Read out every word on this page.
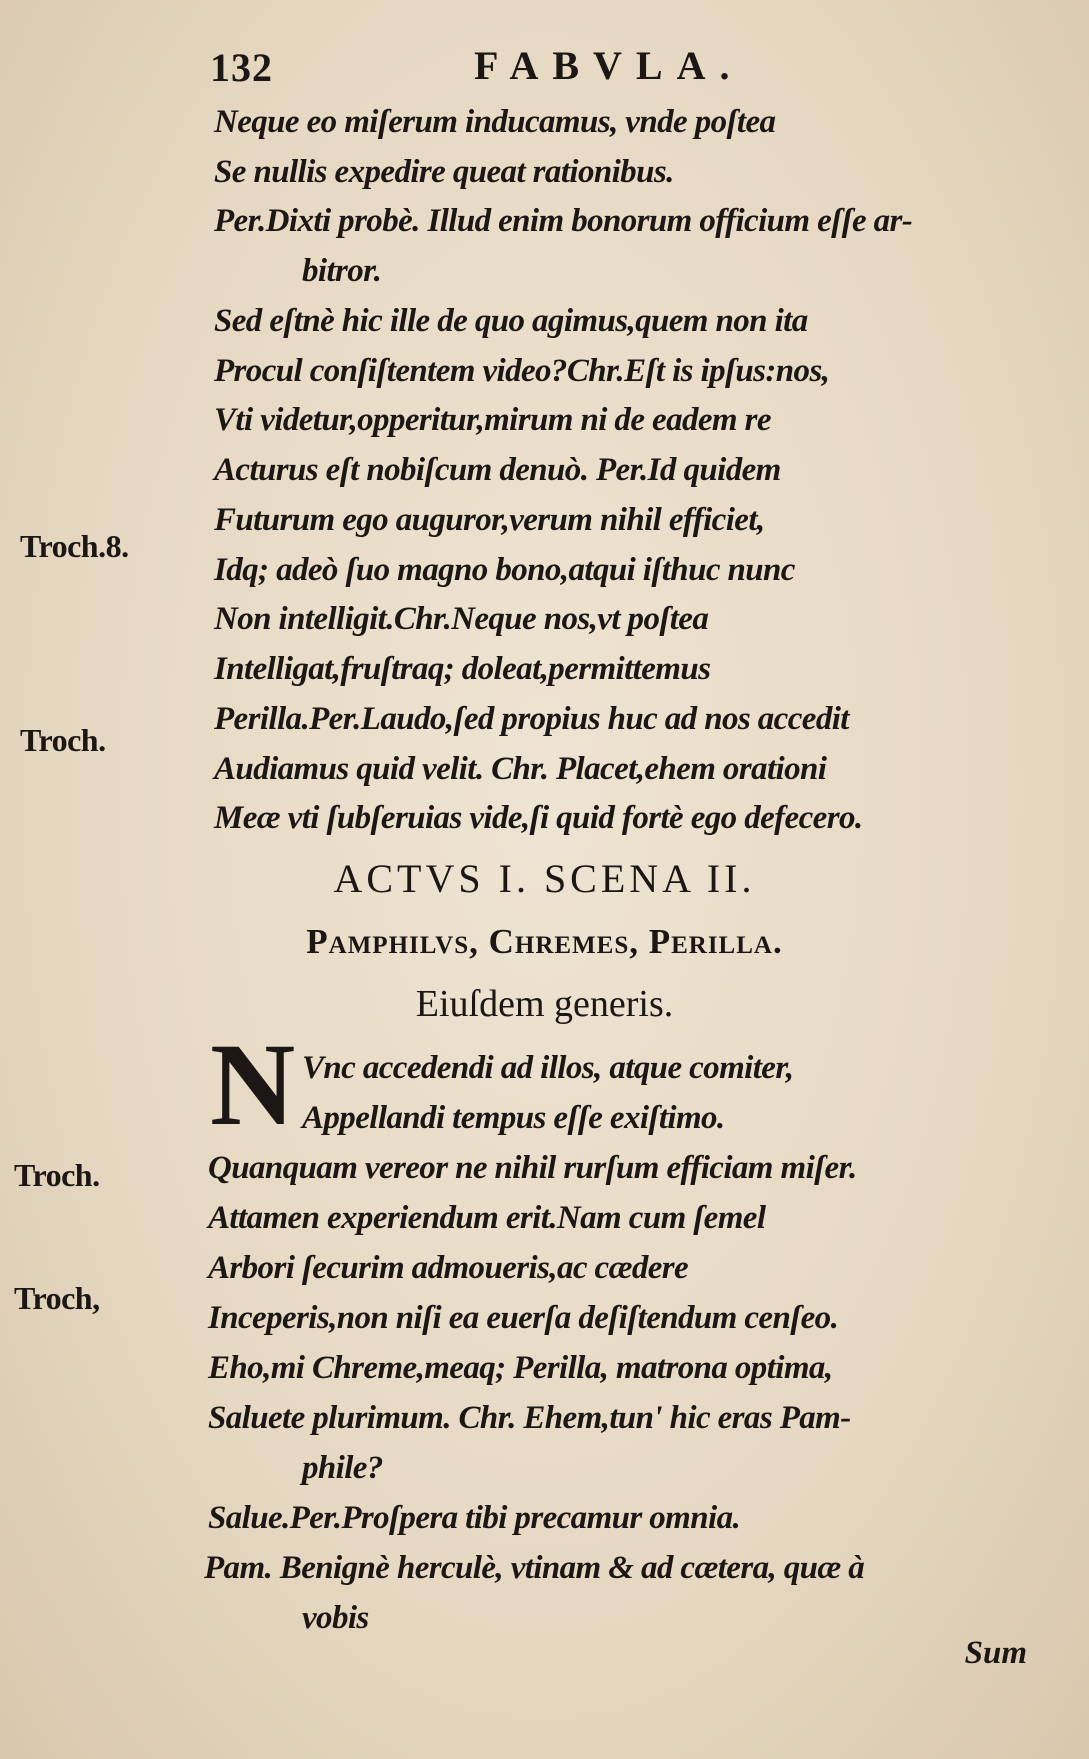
132	FABVLA.
Neque eo miſerum inducamus, vnde poſtea
Se nullis expedire queat rationibus.
Per.Dixti probè. Illud enim bonorum officium eſſe ar-
bitror.
Sed eſtnè hic ille de quo agimus,quem non ita
Procul conſiſtentem video?Chr.Eſt is ipſus:nos,
Vti videtur,opperitur,mirum ni de eadem re
Acturus eſt nobiſcum denuò. Per.Id quidem
Futurum ego auguror,verum nihil efficiet,
Idq; adeò ſuo magno bono,atqui iſthuc nunc
Non intelligit.Chr.Neque nos,vt poſtea
Intelligat,fruſtraq; doleat,permittemus
Perilla.Per.Laudo,ſed propius huc ad nos accedit
Audiamus quid velit. Chr. Placet,ehem orationi
Meæ vti ſubſeruias vide,ſi quid fortè ego defecero.
ACTVS I. SCENA II.
Pamphilvs, Chremes, Perilla.
Eiuſdem generis.
N Vnc accedendi ad illos, atque comiter,
Appellandi tempus eſſe exiſtimo.
Quanquam vereor ne nihil rurſum efficiam miſer.
Attamen experiendum erit.Nam cum ſemel
Arbori ſecurim admoueris,ac cædere
Inceperis,non niſi ea euerſa deſiſtendum cenſeo.
Eho,mi Chreme,meaq; Perilla, matrona optima,
Saluete plurimum. Chr. Ehem,tun' hic eras Pam-
phile?
Salue.Per.Proſpera tibi precamur omnia.
Pam. Benignè herculè, vtinam & ad cætera, quæ à
vobis
Troch.8.
Troch.
Troch.
Troch,
Sum
